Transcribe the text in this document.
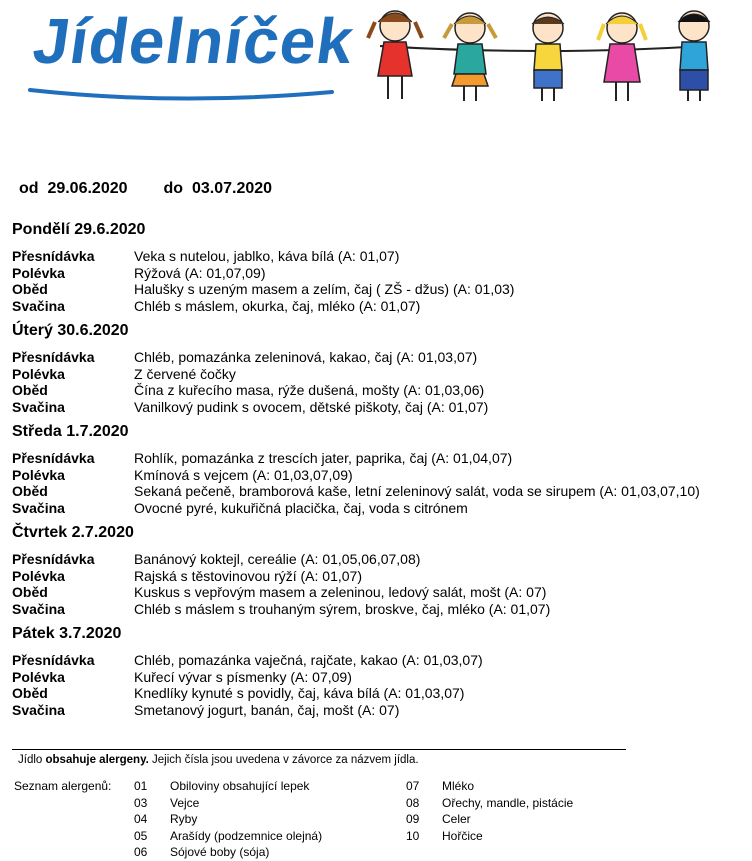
Jídelníček
od 29.06.2020 do 03.07.2020
Pondělí 29.6.2020
Přesnídávka	Veka s nutelou, jablko, káva bílá (A: 01,07)
Polévka	Rýžová (A: 01,07,09)
Oběd	Halušky s uzeným masem a zelím, čaj ( ZŠ - džus) (A: 01,03)
Svačina	Chléb s máslem, okurka, čaj, mléko (A: 01,07)
Úterý 30.6.2020
Přesnídávka	Chléb, pomazánka zeleninová, kakao, čaj (A: 01,03,07)
Polévka	Z červené čočky
Oběd	Čína z kuřecího masa, rýže dušená, mošty (A: 01,03,06)
Svačina	Vanilkový pudink s ovocem, dětské piškoty, čaj (A: 01,07)
Středa 1.7.2020
Přesnídávka	Rohlík, pomazánka z trescích jater, paprika, čaj (A: 01,04,07)
Polévka	Kmínová s vejcem (A: 01,03,07,09)
Oběd	Sekaná pečeně, bramborová kaše, letní zeleninový salát, voda se sirupem (A: 01,03,07,10)
Svačina	Ovocné pyré, kukuřičná placička, čaj, voda s citrónem
Čtvrtek 2.7.2020
Přesnídávka	Banánový koktejl, cereálie (A: 01,05,06,07,08)
Polévka	Rajská s těstovinovou rýží (A: 01,07)
Oběd	Kuskus s vepřovým masem a zeleninou, ledový salát, mošt (A: 07)
Svačina	Chléb s máslem s trouhaným sýrem, broskve, čaj, mléko (A: 01,07)
Pátek 3.7.2020
Přesnídávka	Chléb, pomazánka vaječná, rajčate, kakao (A: 01,03,07)
Polévka	Kuřecí vývar s písmenky (A: 07,09)
Oběd	Knedlíky kynuté s povidly, čaj, káva bílá (A: 01,03,07)
Svačina	Smetanový jogurt, banán, čaj, mošt (A: 07)
Jídlo obsahuje alergeny. Jejich čísla jsou uvedena v závorce za názvem jídla.
Seznam alergenů: 01	Obiloviny obsahující lepek
03	Vejce
04	Ryby
05	Arašídy (podzemnice olejná)
06	Sójové boby (sója)
07	Mléko
08	Ořechy, mandle, pistácie
09	Celer
10	Hořčice
